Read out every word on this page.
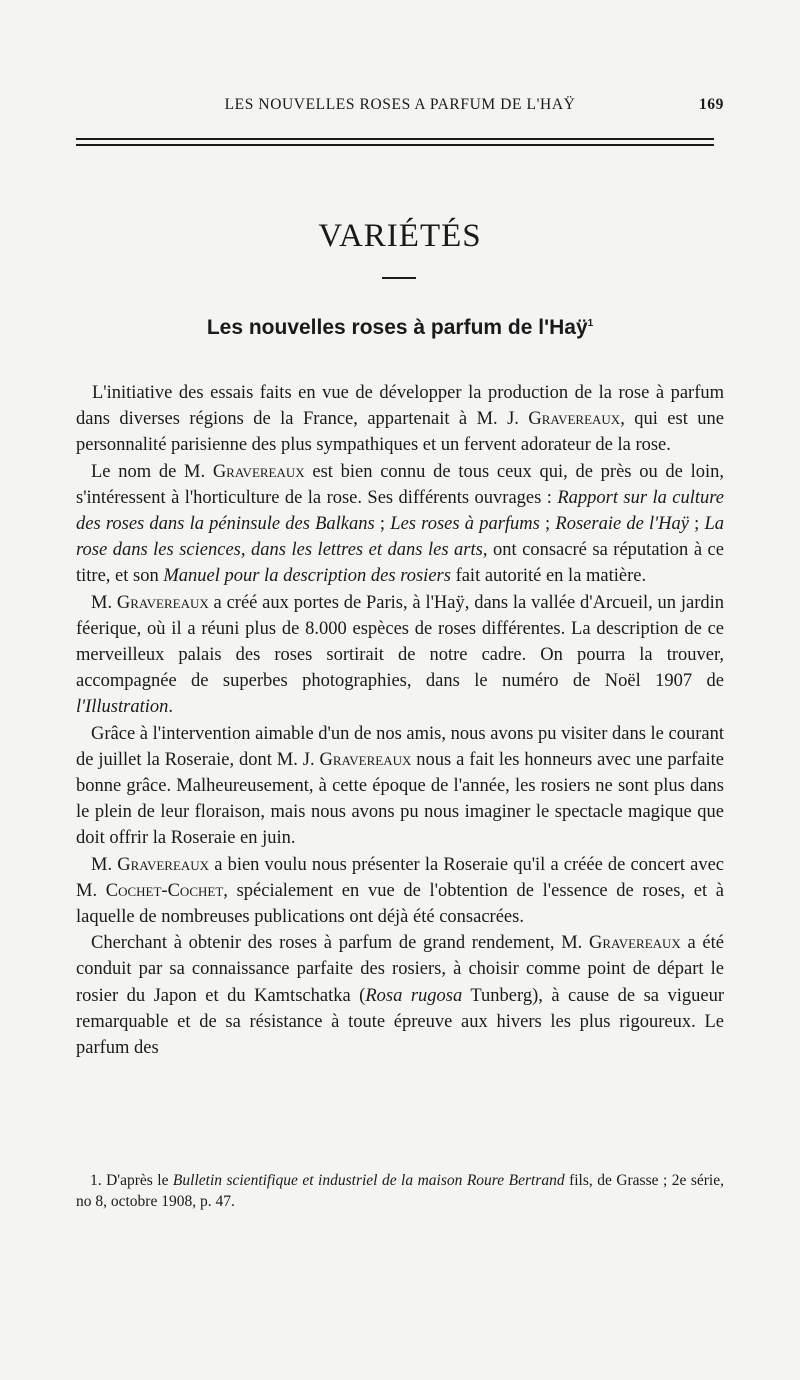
LES NOUVELLES ROSES A PARFUM DE L'HAŸ	169
VARIÉTÉS
Les nouvelles roses à parfum de l'Haÿ$^1$

L'initiative des essais faits en vue de développer la production de la rose à parfum dans diverses régions de la France, appartenait à M. J. Gravereaux, qui est une personnalité parisienne des plus sympathiques et un fervent adorateur de la rose.

Le nom de M. Gravereaux est bien connu de tous ceux qui, de près ou de loin, s'intéressent à l'horticulture de la rose. Ses différents ouvrages : Rapport sur la culture des roses dans la péninsule des Balkans ; Les roses à parfums ; Roseraie de l'Haÿ ; La rose dans les sciences, dans les lettres et dans les arts, ont consacré sa réputation à ce titre, et son Manuel pour la description des rosiers fait autorité en la matière.

M. Gravereaux a créé aux portes de Paris, à l'Haÿ, dans la vallée d'Arcueil, un jardin féerique, où il a réuni plus de 8.000 espèces de roses différentes. La description de ce merveilleux palais des roses sortirait de notre cadre. On pourra la trouver, accompagnée de superbes photographies, dans le numéro de Noël 1907 de l'Illustration.

Grâce à l'intervention aimable d'un de nos amis, nous avons pu visiter dans le courant de juillet la Roseraie, dont M. J. Gravereaux nous a fait les honneurs avec une parfaite bonne grâce. Malheureusement, à cette époque de l'année, les rosiers ne sont plus dans le plein de leur floraison, mais nous avons pu nous imaginer le spectacle magique que doit offrir la Roseraie en juin.

M. Gravereaux a bien voulu nous présenter la Roseraie qu'il a créée de concert avec M. Cochet-Cochet, spécialement en vue de l'obtention de l'essence de roses, et à laquelle de nombreuses publications ont déjà été consacrées.

Cherchant à obtenir des roses à parfum de grand rendement, M. Gravereaux a été conduit par sa connaissance parfaite des rosiers, à choisir comme point de départ le rosier du Japon et du Kamtschatka (Rosa rugosa Tunberg), à cause de sa vigueur remarquable et de sa résistance à toute épreuve aux hivers les plus rigoureux. Le parfum des

1. D'après le Bulletin scientifique et industriel de la maison Roure Bertrand fils, de Grasse ; 2e série, no 8, octobre 1908, p. 47.
